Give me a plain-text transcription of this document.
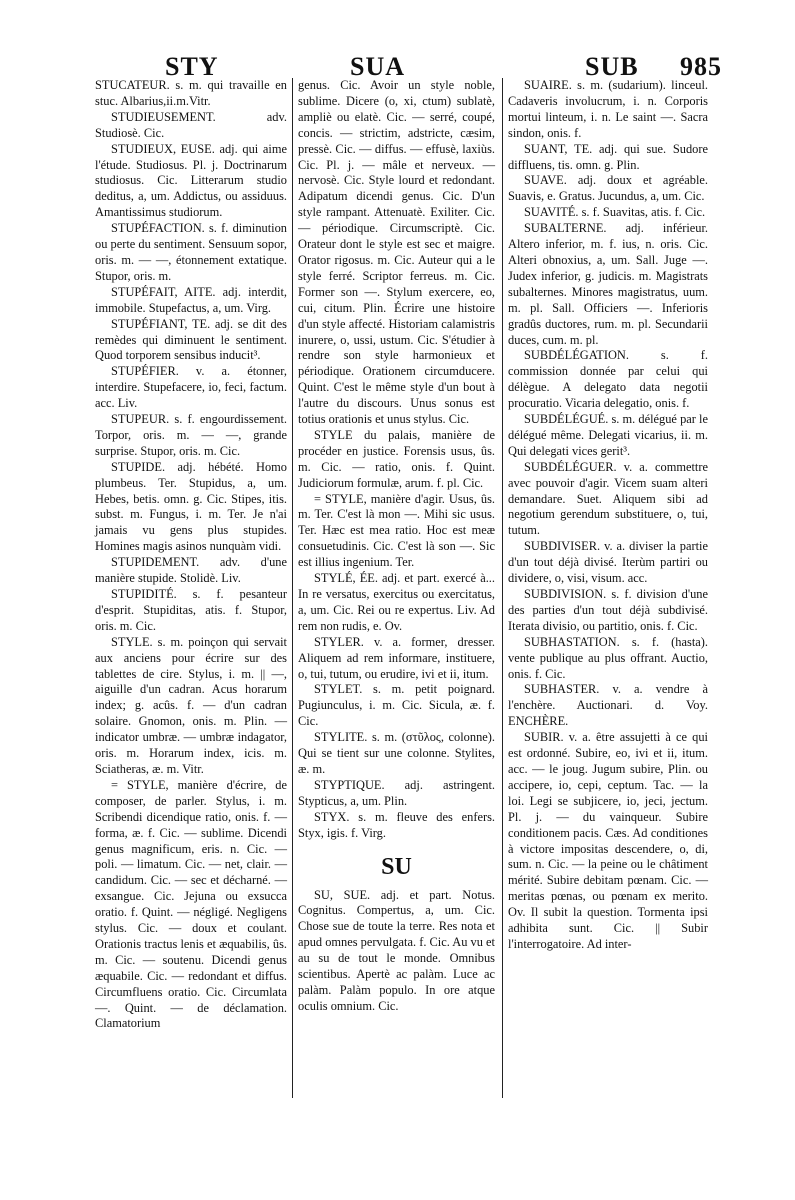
STY	SUA	SUB 985

STUCATEUR. s. m. qui travaille en stuc. Albarius,ii.m.Vitr.

STUDIEUSEMENT. adv. Studiosè. Cic.

STUDIEUX, EUSE. adj. qui aime l'étude. Studiosus. Pl. j. Doctrinarum studiosus. Cic. Litterarum studio deditus, a, um. Addictus, ou assiduus. Amantissimus studiorum.

STUPÉFACTION. s. f. diminution ou perte du sentiment. Sensuum sopor, oris. m. — —, étonnement extatique. Stupor, oris. m.

STUPÉFAIT, AITE. adj. interdit, immobile. Stupefactus, a, um. Virg.

STUPÉFIANT, TE. adj. se dit des remèdes qui diminuent le sentiment. Quod torporem sensibus inducit³.

STUPÉFIER. v. a. étonner, interdire. Stupefacere, io, feci, factum. acc. Liv.

STUPEUR. s. f. engourdissement. Torpor, oris. m. — —, grande surprise. Stupor, oris. m. Cic.

STUPIDE. adj. hébété. Homo plumbeus. Ter. Stupidus, a, um. Hebes, betis. omn. g. Cic. Stipes, itis. subst. m. Fungus, i. m. Ter. Je n'ai jamais vu gens plus stupides. Homines magis asinos nunquàm vidi.

STUPIDEMENT. adv. d'une manière stupide. Stolidè. Liv.

STUPIDITÉ. s. f. pesanteur d'esprit. Stupiditas, atis. f. Stupor, oris. m. Cic.

STYLE. s. m. poinçon qui servait aux anciens pour écrire sur des tablettes de cire. Stylus, i. m. || —, aiguille d'un cadran. Acus horarum index; g. acûs. f. — d'un cadran solaire. Gnomon, onis. m. Plin. — indicator umbræ. — umbræ indagator, oris. m. Horarum index, icis. m. Sciatheras, æ. m. Vitr.

= STYLE, manière d'écrire, de composer, de parler. Stylus, i. m. Scribendi dicendique ratio, onis. f. — forma, æ. f. Cic. — sublime. Dicendi genus magnificum, eris. n. Cic. — poli. — limatum. Cic. — net, clair. — candidum. Cic. — sec et décharné. — exsangue. Cic. Jejuna ou exsucca oratio. f. Quint. — négligé. Negligens stylus. Cic. — doux et coulant. Orationis tractus lenis et æquabilis, ûs. m. Cic. — soutenu. Dicendi genus æquabile. Cic. — redondant et diffus. Circumfluens oratio. Cic. Circumlata —. Quint. — de déclamation. Clamatorium

genus. Cic. Avoir un style noble, sublime. Dicere (o, xi, ctum) sublatè, ampliè ou elatè. Cic. — serré, coupé, concis. — strictim, adstricte, cæsim, pressè. Cic. — diffus. — effusè, laxiùs. Cic. Pl. j. — mâle et nerveux. — nervosè. Cic. Style lourd et redondant. Adipatum dicendi genus. Cic. D'un style rampant. Attenuatè. Exiliter. Cic. — périodique. Circumscriptè. Cic. Orateur dont le style est sec et maigre. Orator rigosus. m. Cic. Auteur qui a le style ferré. Scriptor ferreus. m. Cic. Former son —. Stylum exercere, eo, cui, citum. Plin. Écrire une histoire d'un style affecté. Historiam calamistris inurere, o, ussi, ustum. Cic. S'étudier à rendre son style harmonieux et périodique. Orationem circumducere. Quint. C'est le même style d'un bout à l'autre du discours. Unus sonus est totius orationis et unus stylus. Cic.

STYLE du palais, manière de procéder en justice. Forensis usus, ûs. m. Cic. — ratio, onis. f. Quint. Judiciorum formulæ, arum. f. pl. Cic.

= STYLE, manière d'agir. Usus, ûs. m. Ter. C'est là mon —. Mihi sic usus. Ter. Hæc est mea ratio. Hoc est meæ consuetudinis. Cic. C'est là son —. Sic est illius ingenium. Ter.

STYLÉ, ÉE. adj. et part. exercé à... In re versatus, exercitus ou exercitatus, a, um. Cic. Rei ou re expertus. Liv. Ad rem non rudis, e. Ov.

STYLER. v. a. former, dresser. Aliquem ad rem informare, instituere, o, tui, tutum, ou erudire, ivi et ii, itum.

STYLET. s. m. petit poignard. Pugiunculus, i. m. Cic. Sicula, æ. f. Cic.

STYLITE. s. m. (στῦλος, colonne). Qui se tient sur une colonne. Stylites, æ. m.

STYPTIQUE. adj. astringent. Stypticus, a, um. Plin.

STYX. s. m. fleuve des enfers. Styx, igis. f. Virg.

SU

SU, SUE. adj. et part. Notus. Cognitus. Compertus, a, um. Cic. Chose sue de toute la terre. Res nota et apud omnes pervulgata. f. Cic. Au vu et au su de tout le monde. Omnibus scientibus. Apertè ac palàm. Luce ac palàm. Palàm populo. In ore atque oculis omnium. Cic.

SUAIRE. s. m. (sudarium). linceul. Cadaveris involucrum, i. n. Corporis mortui linteum, i. n. Le saint —. Sacra sindon, onis. f.

SUANT, TE. adj. qui sue. Sudore diffluens, tis. omn. g. Plin.

SUAVE. adj. doux et agréable. Suavis, e. Gratus. Jucundus, a, um. Cic.

SUAVITÉ. s. f. Suavitas, atis. f. Cic.

SUBALTERNE. adj. inférieur. Altero inferior, m. f. ius, n. oris. Cic. Alteri obnoxius, a, um. Sall. Juge —. Judex inferior, g. judicis. m. Magistrats subalternes. Minores magistratus, uum. m. pl. Sall. Officiers —. Inferioris gradûs ductores, rum. m. pl. Secundarii duces, cum. m. pl.

SUBDÉLÉGATION. s. f. commission donnée par celui qui délègue. A delegato data negotii procuratio. Vicaria delegatio, onis. f.

SUBDÉLÉGUÉ. s. m. délégué par le délégué même. Delegati vicarius, ii. m. Qui delegati vices gerit³.

SUBDÉLÉGUER. v. a. commettre avec pouvoir d'agir. Vicem suam alteri demandare. Suet. Aliquem sibi ad negotium gerendum substituere, o, tui, tutum.

SUBDIVISER. v. a. diviser la partie d'un tout déjà divisé. Iterùm partiri ou dividere, o, visi, visum. acc.

SUBDIVISION. s. f. division d'une des parties d'un tout déjà subdivisé. Iterata divisio, ou partitio, onis. f. Cic.

SUBHASTATION. s. f. (hasta). vente publique au plus offrant. Auctio, onis. f. Cic.

SUBHASTER. v. a. vendre à l'enchère. Auctionari. d. Voy. ENCHÈRE.

SUBIR. v. a. être assujetti à ce qui est ordonné. Subire, eo, ivi et ii, itum. acc. — le joug. Jugum subire, Plin. ou accipere, io, cepi, ceptum. Tac. — la loi. Legi se subjicere, io, jeci, jectum. Pl. j. — du vainqueur. Subire conditionem pacis. Cæs. Ad conditiones à victore impositas descendere, o, di, sum. n. Cic. — la peine ou le châtiment mérité. Subire debitam pœnam. Cic. — meritas pœnas, ou pœnam ex merito. Ov. Il subit la question. Tormenta ipsi adhibita sunt. Cic. || Subir l'interrogatoire. Ad inter-
